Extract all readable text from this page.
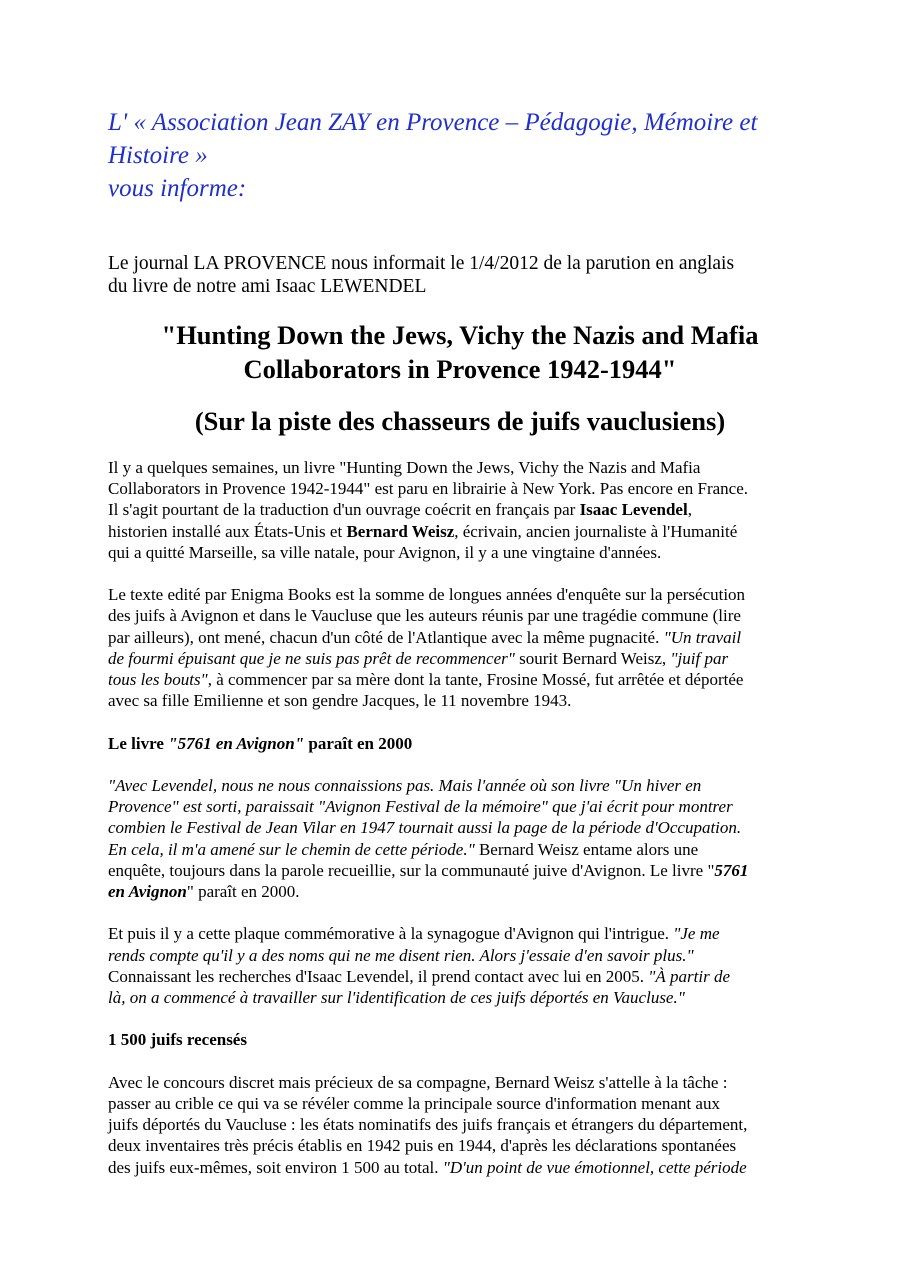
L' « Association Jean ZAY en Provence – Pédagogie, Mémoire et
Histoire »
vous informe:
Le journal LA PROVENCE nous informait le 1/4/2012 de la parution en anglais
du livre de notre ami Isaac LEWENDEL
"Hunting Down the Jews, Vichy the Nazis and Mafia
Collaborators in Provence 1942-1944"
(Sur la piste des chasseurs de juifs vauclusiens)

Il y a quelques semaines, un livre "Hunting Down the Jews, Vichy the Nazis and Mafia
Collaborators in Provence 1942-1944" est paru en librairie à New York. Pas encore en France.
Il s'agit pourtant de la traduction d'un ouvrage coécrit en français par Isaac Levendel,
historien installé aux États-Unis et Bernard Weisz, écrivain, ancien journaliste à l'Humanité
qui a quitté Marseille, sa ville natale, pour Avignon, il y a une vingtaine d'années.

Le texte edité par Enigma Books est la somme de longues années d'enquête sur la persécution
des juifs à Avignon et dans le Vaucluse que les auteurs réunis par une tragédie commune (lire
par ailleurs), ont mené, chacun d'un côté de l'Atlantique avec la même pugnacité. "Un travail
de fourmi épuisant que je ne suis pas prêt de recommencer" sourit Bernard Weisz, "juif par
tous les bouts", à commencer par sa mère dont la tante, Frosine Mossé, fut arrêtée et déportée
avec sa fille Emilienne et son gendre Jacques, le 11 novembre 1943.

Le livre "5761 en Avignon" paraît en 2000

"Avec Levendel, nous ne nous connaissions pas. Mais l'année où son livre "Un hiver en
Provence" est sorti, paraissait "Avignon Festival de la mémoire" que j'ai écrit pour montrer
combien le Festival de Jean Vilar en 1947 tournait aussi la page de la période d'Occupation.
En cela, il m'a amené sur le chemin de cette période." Bernard Weisz entame alors une
enquête, toujours dans la parole recueillie, sur la communauté juive d'Avignon. Le livre "5761
en Avignon" paraît en 2000.

Et puis il y a cette plaque commémorative à la synagogue d'Avignon qui l'intrigue. "Je me
rends compte qu'il y a des noms qui ne me disent rien. Alors j'essaie d'en savoir plus."
Connaissant les recherches d'Isaac Levendel, il prend contact avec lui en 2005. "À partir de
là, on a commencé à travailler sur l'identification de ces juifs déportés en Vaucluse."

1 500 juifs recensés

Avec le concours discret mais précieux de sa compagne, Bernard Weisz s'attelle à la tâche :
passer au crible ce qui va se révéler comme la principale source d'information menant aux
juifs déportés du Vaucluse : les états nominatifs des juifs français et étrangers du département,
deux inventaires très précis établis en 1942 puis en 1944, d'après les déclarations spontanées
des juifs eux-mêmes, soit environ 1 500 au total. "D'un point de vue émotionnel, cette période
